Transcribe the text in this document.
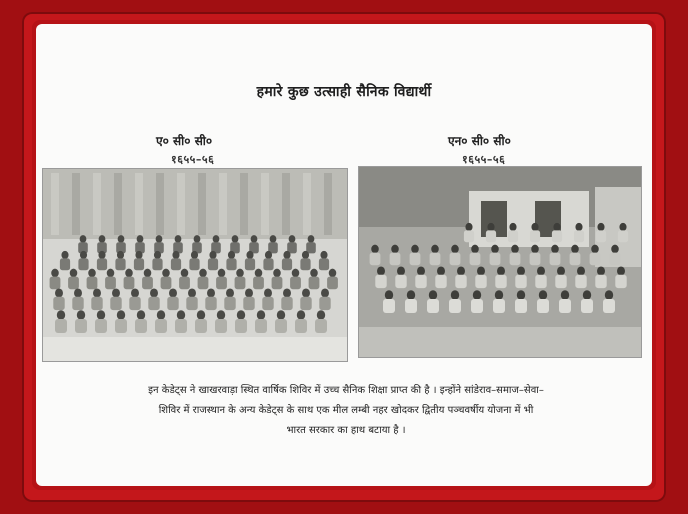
हमारे कुछ उत्साही सैनिक विद्यार्थी
ए० सी० सी०
१६५५–५६
एन० सी० सी०
१६५५–५६
इन केडेट्स ने खाखरवाड़ा स्थित वार्षिक शिविर में उच्च सैनिक शिक्षा प्राप्त की है । इन्होंने सांडेराव–समाज–सेवा–
शिविर में राजस्थान के अन्य केडेट्स के साथ एक मील लम्बी नहर खोदकर द्वितीय पञ्चवर्षीय योजना में भी
भारत सरकार का हाथ बटाया है ।
